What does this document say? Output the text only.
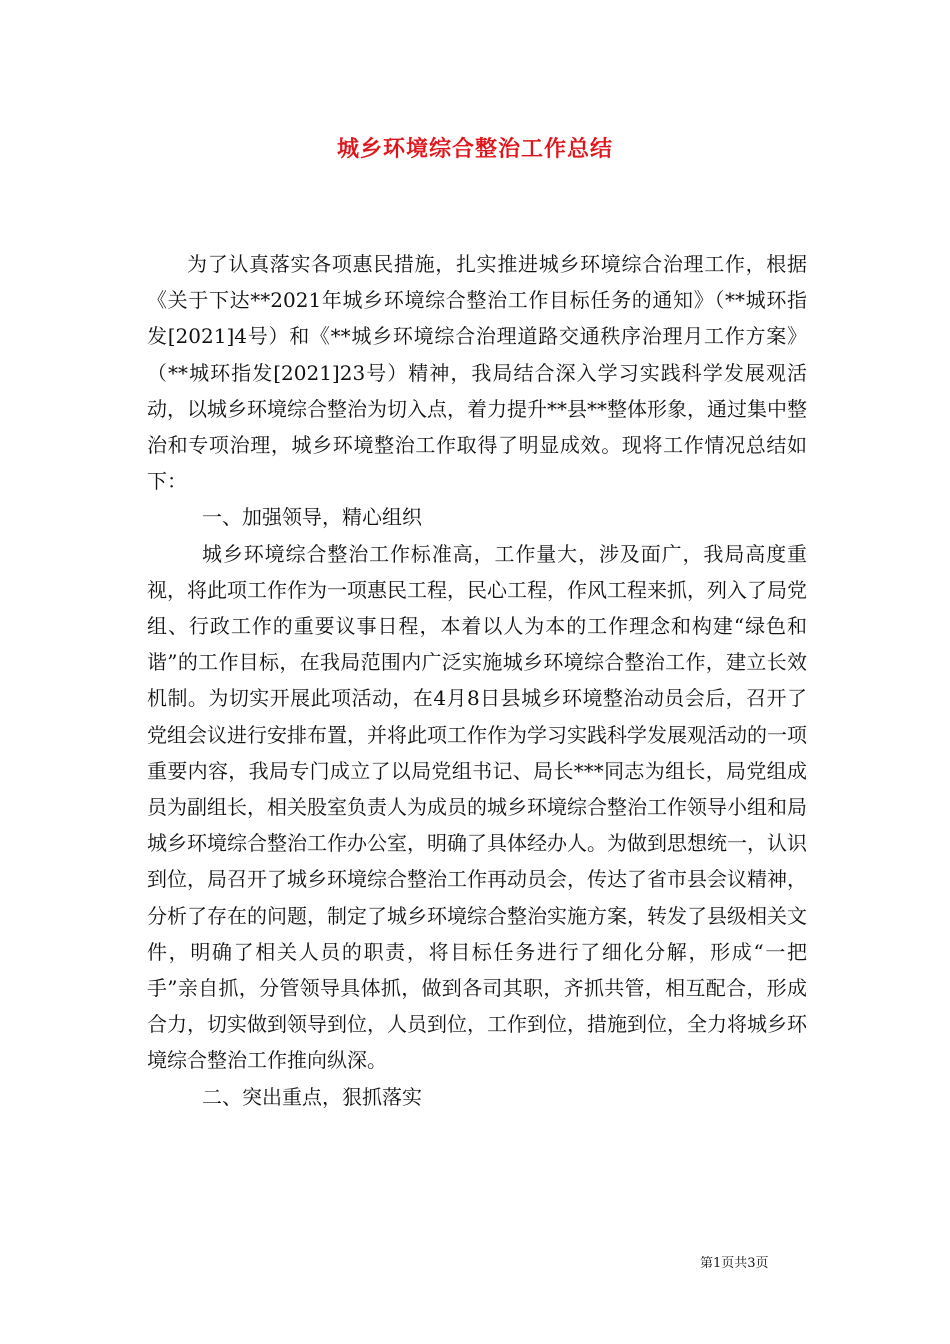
城乡环境综合整治工作总结

为了认真落实各项惠民措施，扎实推进城乡环境综合治理工作，根据《关于下达**2021年城乡环境综合整治工作目标任务的通知》（**城环指发[2021]4号）和《**城乡环境综合治理道路交通秩序治理月工作方案》（**城环指发[2021]23号）精神，我局结合深入学习实践科学发展观活动，以城乡环境综合整治为切入点，着力提升**县**整体形象，通过集中整治和专项治理，城乡环境整治工作取得了明显成效。现将工作情况总结如下：

一、加强领导，精心组织

城乡环境综合整治工作标准高，工作量大，涉及面广，我局高度重视，将此项工作作为一项惠民工程，民心工程，作风工程来抓，列入了局党组、行政工作的重要议事日程，本着以人为本的工作理念和构建“绿色和谐”的工作目标，在我局范围内广泛实施城乡环境综合整治工作，建立长效机制。为切实开展此项活动，在4月8日县城乡环境整治动员会后，召开了党组会议进行安排布置，并将此项工作作为学习实践科学发展观活动的一项重要内容，我局专门成立了以局党组书记、局长***同志为组长，局党组成员为副组长，相关股室负责人为成员的城乡环境综合整治工作领导小组和局城乡环境综合整治工作办公室，明确了具体经办人。为做到思想统一，认识到位，局召开了城乡环境综合整治工作再动员会，传达了省市县会议精神，分析了存在的问题，制定了城乡环境综合整治实施方案，转发了县级相关文件，明确了相关人员的职责，将目标任务进行了细化分解，形成“一把手”亲自抓，分管领导具体抓，做到各司其职，齐抓共管，相互配合，形成合力，切实做到领导到位，人员到位，工作到位，措施到位，全力将城乡环境综合整治工作推向纵深。

二、突出重点，狠抓落实

第1页共3页
